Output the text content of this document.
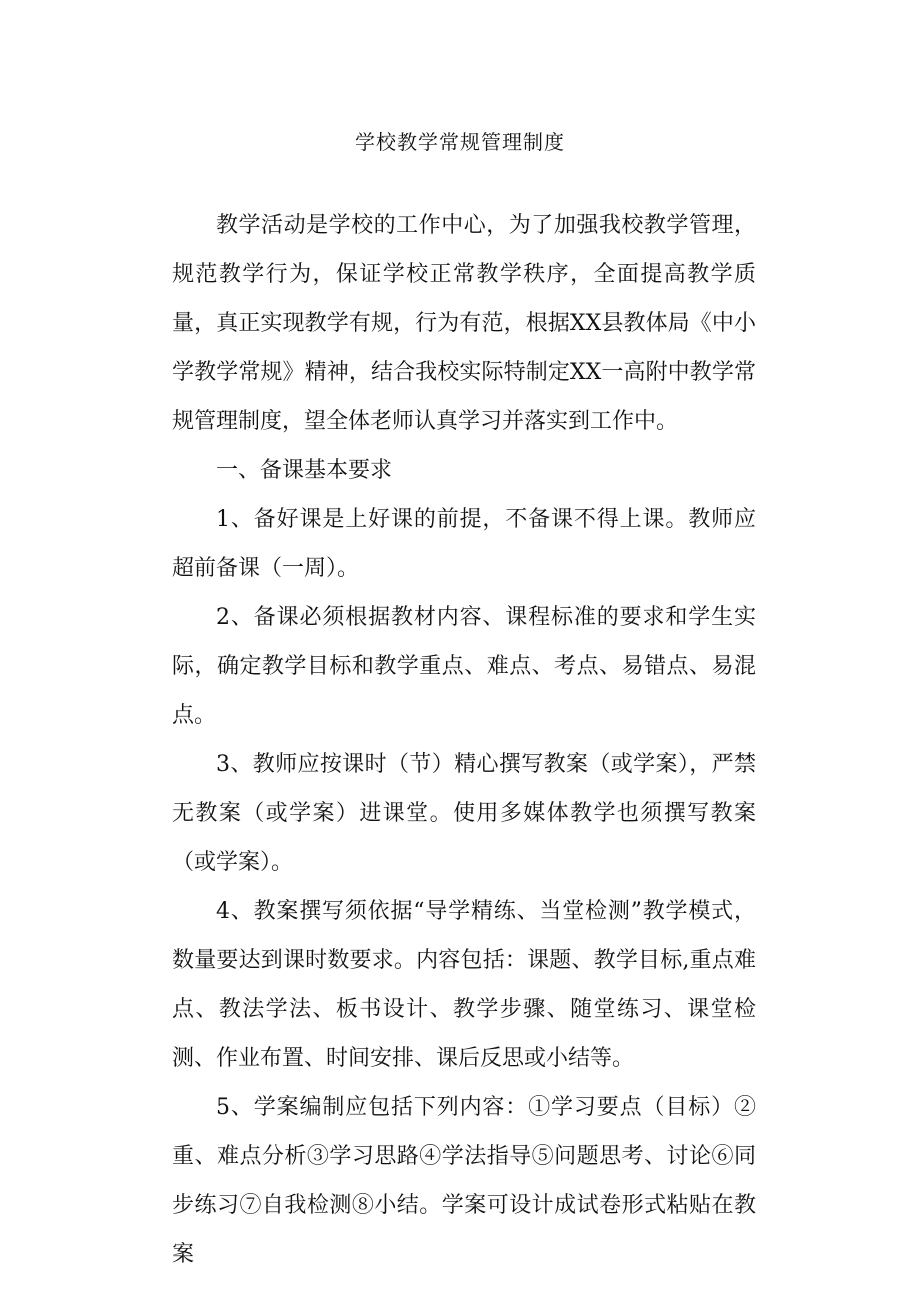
学校教学常规管理制度

教学活动是学校的工作中心，为了加强我校教学管理，规范教学行为，保证学校正常教学秩序，全面提高教学质量，真正实现教学有规，行为有范，根据XX县教体局《中小学教学常规》精神，结合我校实际特制定XX一高附中教学常规管理制度，望全体老师认真学习并落实到工作中。

一、备课基本要求

1、备好课是上好课的前提，不备课不得上课。教师应超前备课（一周）。

2、备课必须根据教材内容、课程标准的要求和学生实际，确定教学目标和教学重点、难点、考点、易错点、易混点。

3、教师应按课时（节）精心撰写教案（或学案），严禁无教案（或学案）进课堂。使用多媒体教学也须撰写教案（或学案）。

4、教案撰写须依据“导学精练、当堂检测”教学模式，数量要达到课时数要求。内容包括：课题、教学目标,重点难点、教法学法、板书设计、教学步骤、随堂练习、课堂检测、作业布置、时间安排、课后反思或小结等。

5、学案编制应包括下列内容：①学习要点（目标）②重、难点分析③学习思路④学法指导⑤问题思考、讨论⑥同步练习⑦自我检测⑧小结。学案可设计成试卷形式粘贴在教案
